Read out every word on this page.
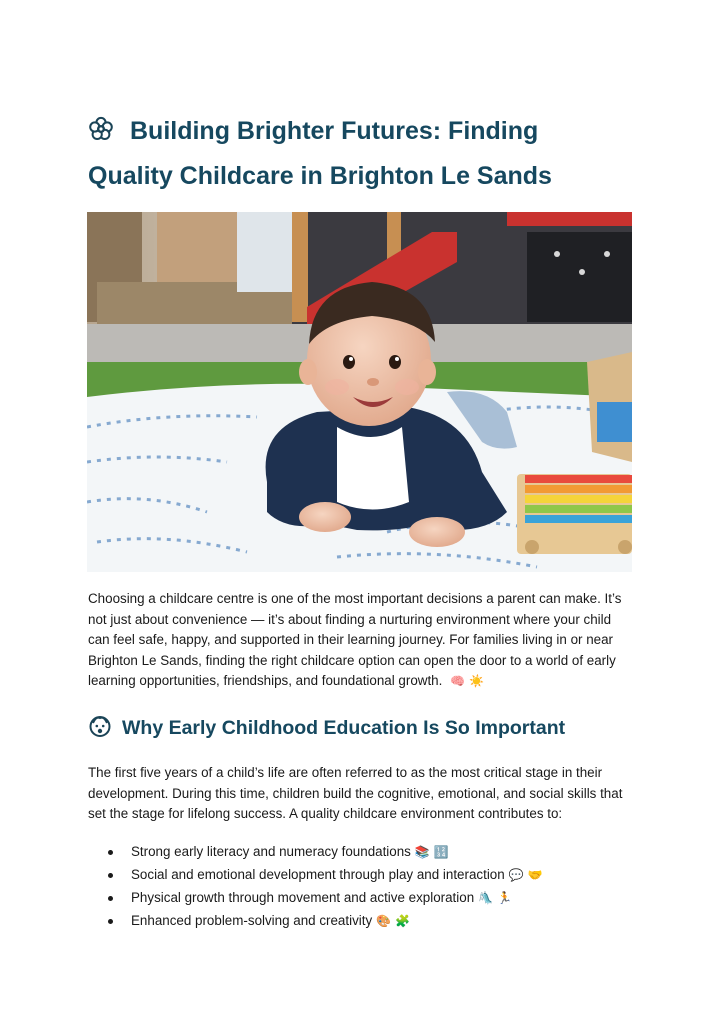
Building Brighter Futures: Finding
Quality Childcare in Brighton Le Sands

Choosing a childcare centre is one of the most important decisions a parent can make. It’s not just about convenience — it’s about finding a nurturing environment where your child can feel safe, happy, and supported in their learning journey. For families living in or near Brighton Le Sands, finding the right childcare option can open the door to a world of early learning opportunities, friendships, and foundational growth. 🧠 ☀️

Why Early Childhood Education Is So Important

The first five years of a child’s life are often referred to as the most critical stage in their development. During this time, children build the cognitive, emotional, and social skills that set the stage for lifelong success. A quality childcare environment contributes to:

Strong early literacy and numeracy foundations 📚 🔢
Social and emotional development through play and interaction 💬 🤝
Physical growth through movement and active exploration 🛝 🏃
Enhanced problem-solving and creativity 🎨 🧩
